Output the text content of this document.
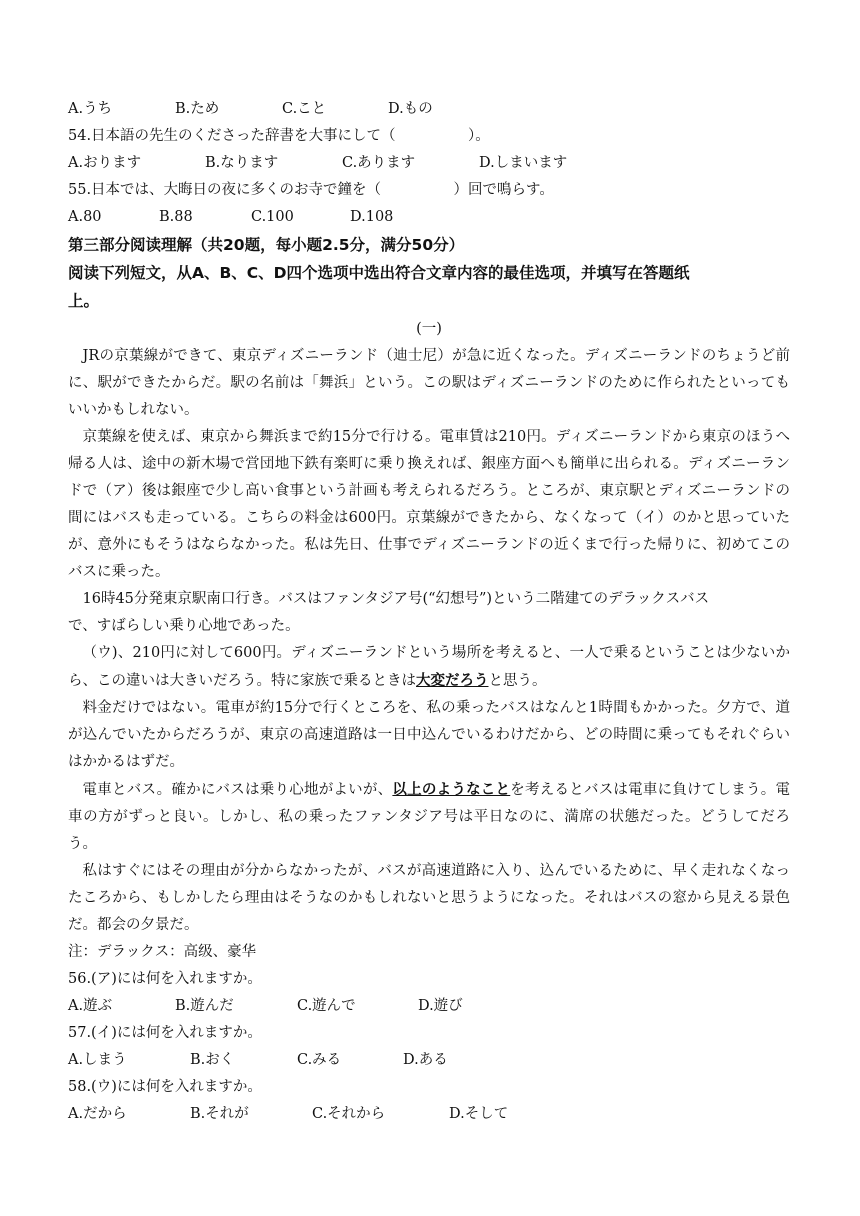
A.うち	B.ため	C.こと	D.もの
54.日本語の先生のくださった辞書を大事にして（　　　　　）。
A.おります	B.なります	C.あります	D.しまいます
55.日本では、大晦日の夜に多くのお寺で鐘を（　　　　　）回で鳴らす。
A.80	B.88	C.100	D.108
第三部分阅读理解（共20题，每小题2.5分，满分50分）
阅读下列短文，从A、B、C、D四个选项中选出符合文章内容的最佳选项，并填写在答题纸
上。
(一)

JRの京葉線ができて、東京ディズニーランド（迪士尼）が急に近くなった。ディズニーランドのちょうど前に、駅ができたからだ。駅の名前は「舞浜」という。この駅はディズニーランドのために作られたといってもいいかもしれない。

京葉線を使えば、東京から舞浜まで約15分で行ける。電車賃は210円。ディズニーランドから東京のほうへ帰る人は、途中の新木場で営団地下鉄有楽町に乗り換えれば、銀座方面へも簡単に出られる。ディズニーランドで（ア）後は銀座で少し高い食事という計画も考えられるだろう。ところが、東京駅とディズニーランドの間にはバスも走っている。こちらの料金は600円。京葉線ができたから、なくなって（イ）のかと思っていたが、意外にもそうはならなかった。私は先日、仕事でディズニーランドの近くまで行った帰りに、初めてこのバスに乗った。

16時45分発東京駅南口行き。バスはファンタジア号(“幻想号”)という二階建てのデラックスバス
で、すばらしい乗り心地であった。

（ウ)、210円に対して600円。ディズニーランドという場所を考えると、一人で乗るということは少ないから、この違いは大きいだろう。特に家族で乗るときは大変だろうと思う。

料金だけではない。電車が約15分で行くところを、私の乗ったバスはなんと1時間もかかった。夕方で、道が込んでいたからだろうが、東京の高速道路は一日中込んでいるわけだから、どの時間に乗ってもそれぐらいはかかるはずだ。

電車とバス。確かにバスは乗り心地がよいが、以上のようなことを考えるとバスは電車に負けてしまう。電車の方がずっと良い。しかし、私の乗ったファンタジア号は平日なのに、満席の状態だった。どうしてだろう。

私はすぐにはその理由が分からなかったが、バスが高速道路に入り、込んでいるために、早く走れなくなったころから、もしかしたら理由はそうなのかもしれないと思うようになった。それはバスの窓から見える景色だ。都会の夕景だ。

注：デラックス：高级、豪华
56.(ア)には何を入れますか。
A.遊ぶ	B.遊んだ	C.遊んで	D.遊び
57.(イ)には何を入れますか。
A.しまう	B.おく	C.みる	D.ある
58.(ウ)には何を入れますか。
A.だから	B.それが	C.それから	D.そして
